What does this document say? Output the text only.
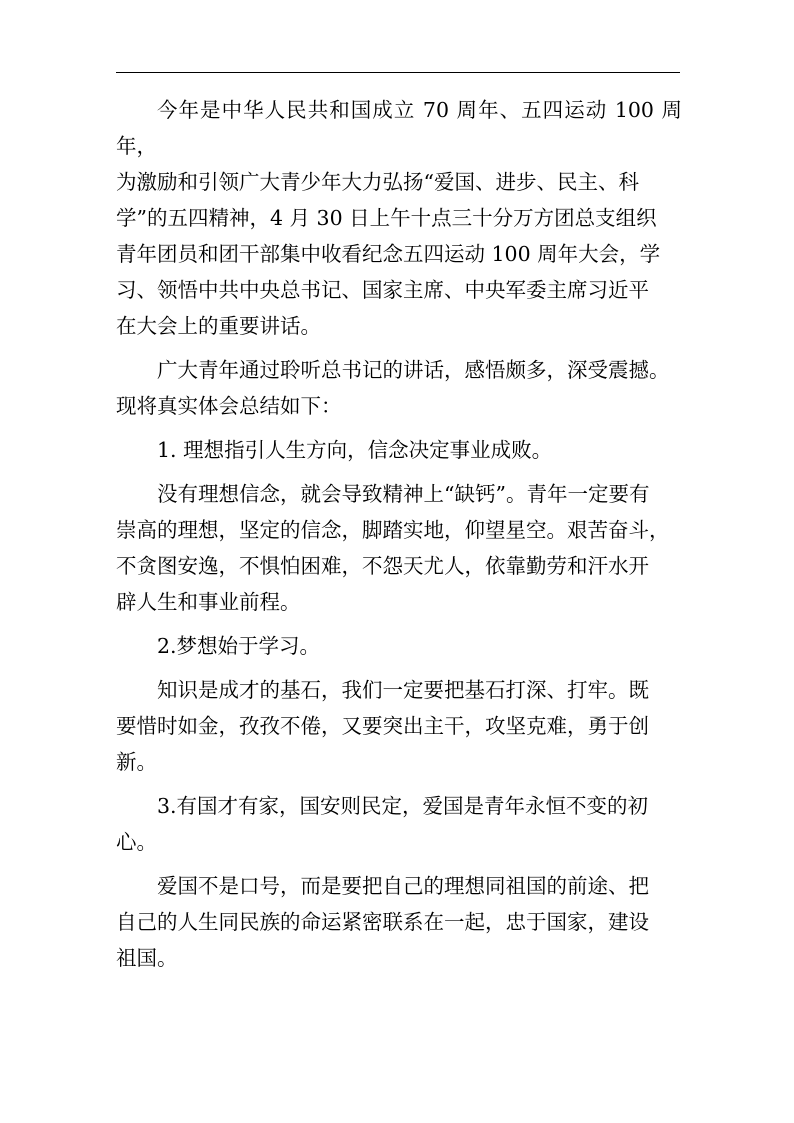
今年是中华人民共和国成立 70 周年、五四运动 100 周年，
为激励和引领广大青少年大力弘扬“爱国、进步、民主、科
学”的五四精神，4 月 30 日上午十点三十分万方团总支组织
青年团员和团干部集中收看纪念五四运动 100 周年大会，学
习、领悟中共中央总书记、国家主席、中央军委主席习近平
在大会上的重要讲话。

广大青年通过聆听总书记的讲话，感悟颇多，深受震撼。
现将真实体会总结如下：

1. 理想指引人生方向，信念决定事业成败。

没有理想信念，就会导致精神上“缺钙”。青年一定要有
崇高的理想，坚定的信念，脚踏实地，仰望星空。艰苦奋斗，
不贪图安逸，不惧怕困难，不怨天尤人，依靠勤劳和汗水开
辟人生和事业前程。

2.梦想始于学习。

知识是成才的基石，我们一定要把基石打深、打牢。既
要惜时如金，孜孜不倦，又要突出主干，攻坚克难，勇于创
新。

3.有国才有家，国安则民定，爱国是青年永恒不变的初
心。

爱国不是口号，而是要把自己的理想同祖国的前途、把
自己的人生同民族的命运紧密联系在一起，忠于国家，建设
祖国。
